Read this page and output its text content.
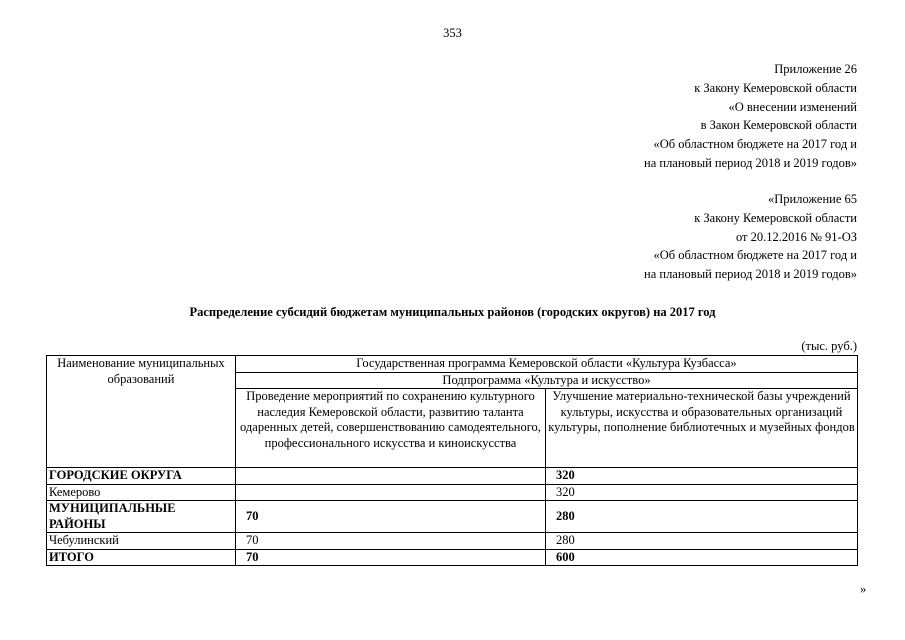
353
Приложение 26
к Закону Кемеровской области
«О внесении изменений
в Закон Кемеровской области
«Об областном бюджете на 2017 год и
на плановый период 2018 и 2019 годов»
«Приложение 65
к Закону Кемеровской области
от 20.12.2016 № 91-ОЗ
«Об областном бюджете на 2017 год и
на плановый период 2018 и 2019 годов»
Распределение субсидий бюджетам муниципальных районов (городских округов) на 2017 год
(тыс. руб.)
Наименование муниципальных образований	Государственная программа Кемеровской области «Культура Кузбасса»	
	Подпрограмма «Культура и искусство»	
	Проведение мероприятий по сохранению культурного наследия Кемеровской области, развитию таланта одаренных детей, совершенствованию самодеятельного, профессионального искусства и киноискусства	Улучшение материально-технической базы учреждений культуры, искусства и образовательных организаций культуры, пополнение библиотечных и музейных фондов
ГОРОДСКИЕ ОКРУГА		320
Кемерово		320
МУНИЦИПАЛЬНЫЕ РАЙОНЫ	70	280
Чебулинский	70	280
ИТОГО	70	600
»
